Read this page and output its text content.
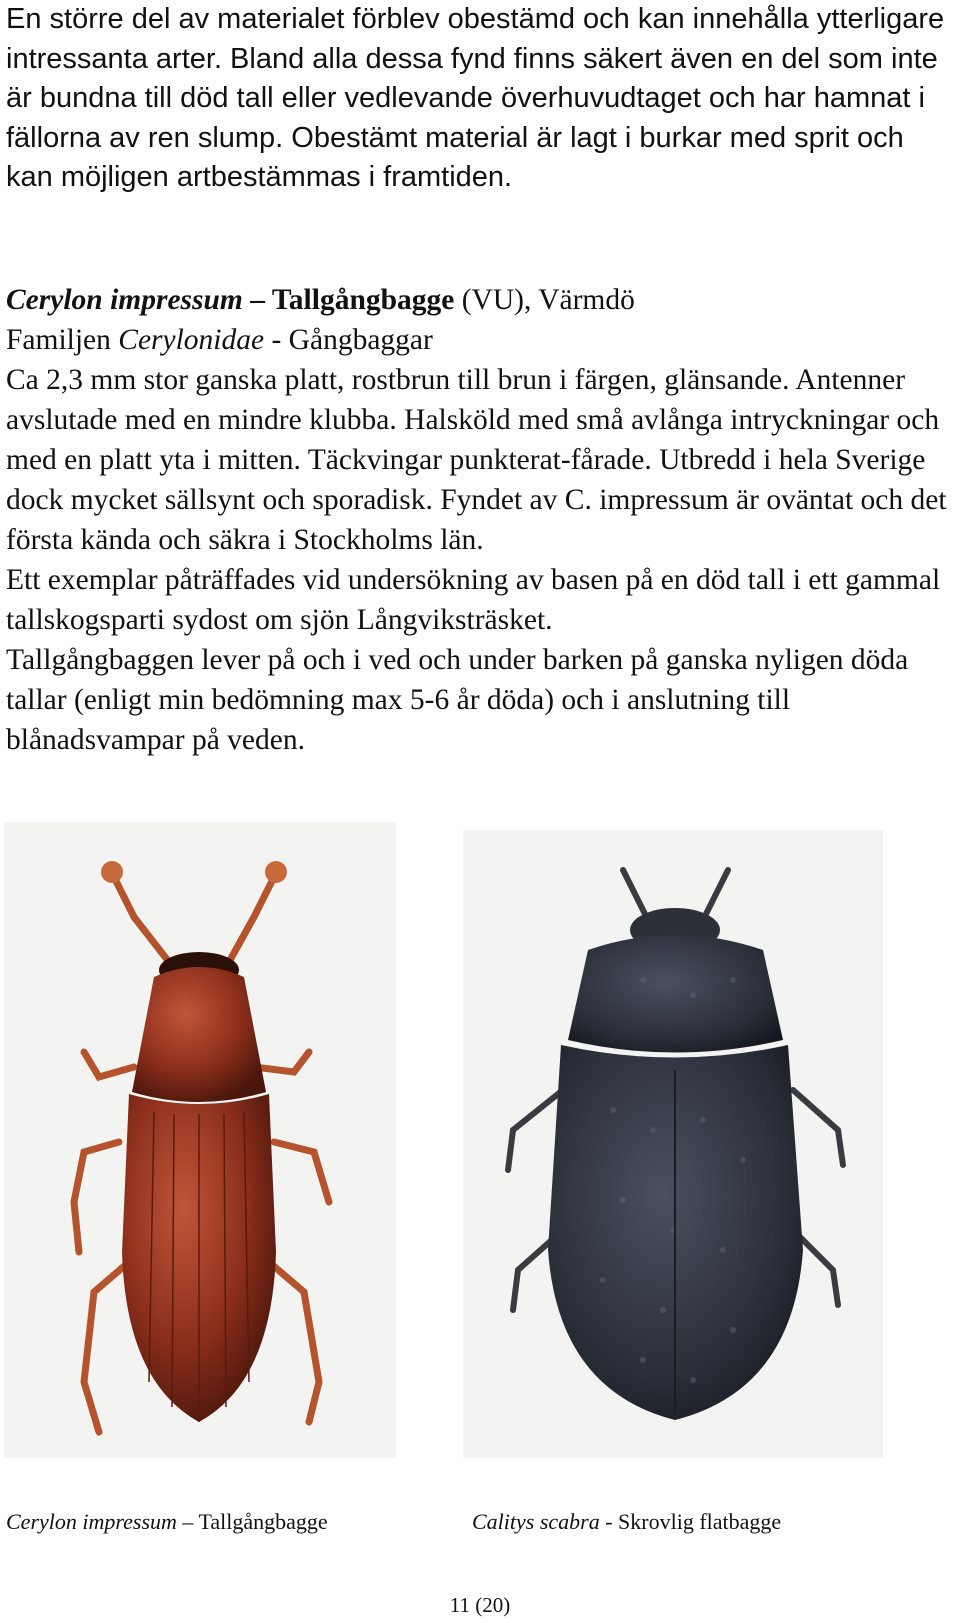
En större del av materialet förblev obestämd och kan innehålla ytterligare intressanta arter. Bland alla dessa fynd finns säkert även en del som inte är bundna till död tall eller vedlevande överhuvudtaget och har hamnat i fällorna av ren slump. Obestämt material är lagt i burkar med sprit och kan möjligen artbestämmas i framtiden.

Cerylon impressum – Tallgångbagge (VU), Värmdö

Familjen Cerylonidae - Gångbaggar

Ca 2,3 mm stor ganska platt, rostbrun till brun i färgen, glänsande. Antenner avslutade med en mindre klubba. Halsköld med små avlånga intryckningar och med en platt yta i mitten. Täckvingar punkterat-fårade. Utbredd i hela Sverige dock mycket sällsynt och sporadisk. Fyndet av C. impressum är oväntat och det första kända och säkra i Stockholms län.

Ett exemplar påträffades vid undersökning av basen på en död tall i ett gammal tallskogsparti sydost om sjön Långviksträsket.

Tallgångbaggen lever på och i ved och under barken på ganska nyligen döda tallar (enligt min bedömning max 5-6 år döda) och i anslutning till blånadsvampar på veden.

Cerylon impressum – Tallgångbagge	Calitys scabra - Skrovlig flatbagge
11 (20)
